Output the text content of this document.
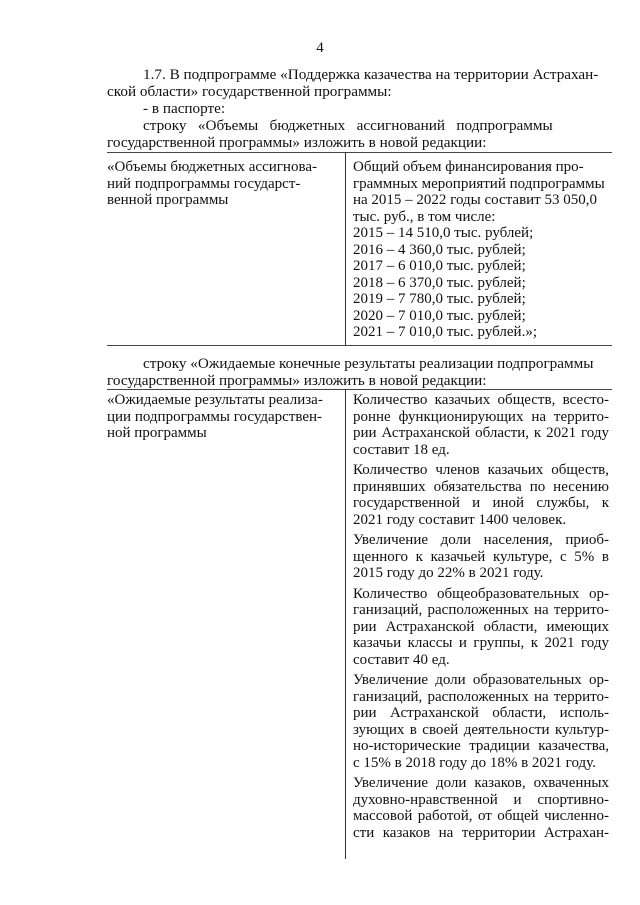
4
1.7. В подпрограмме «Поддержка казачества на территории Астрахан-
ской области» государственной программы:
- в паспорте:
строку   «Объемы   бюджетных   ассигнований   подпрограммы
государственной программы» изложить в новой редакции:
«Объемы бюджетных ассигнова-
ний подпрограммы государст-
венной программы
Общий объем финансирования про-
граммных мероприятий подпрограммы
на 2015 – 2022 годы составит 53 050,0
тыс. руб., в том числе:
2015 – 14 510,0 тыс. рублей;
2016 – 4 360,0 тыс. рублей;
2017 – 6 010,0 тыс. рублей;
2018 – 6 370,0 тыс. рублей;
2019 – 7 780,0 тыс. рублей;
2020 – 7 010,0 тыс. рублей;
2021 – 7 010,0 тыс. рублей.»;
строку «Ожидаемые конечные результаты реализации подпрограммы
государственной программы» изложить в новой редакции:
«Ожидаемые результаты реализа-
ции подпрограммы государствен-
ной программы
Количество казачьих обществ, всесто-
ронне функционирующих на террито-
рии Астраханской области, к 2021 году
составит 18 ед.
Количество членов казачьих обществ,
принявших обязательства по несению
государственной и иной службы, к
2021 году составит 1400 человек.
Увеличение доли населения, приоб-
щенного к казачьей культуре, с 5% в
2015 году до 22% в 2021 году.
Количество общеобразовательных ор-
ганизаций, расположенных на террито-
рии Астраханской области, имеющих
казачьи классы и группы, к 2021 году
составит 40 ед.
Увеличение доли образовательных ор-
ганизаций, расположенных на террито-
рии Астраханской области, исполь-
зующих в своей деятельности культур-
но-исторические традиции казачества,
с 15% в 2018 году до 18% в 2021 году.
Увеличение доли казаков, охваченных
духовно-нравственной и спортивно-
массовой работой, от общей численно-
сти казаков на территории Астрахан-
